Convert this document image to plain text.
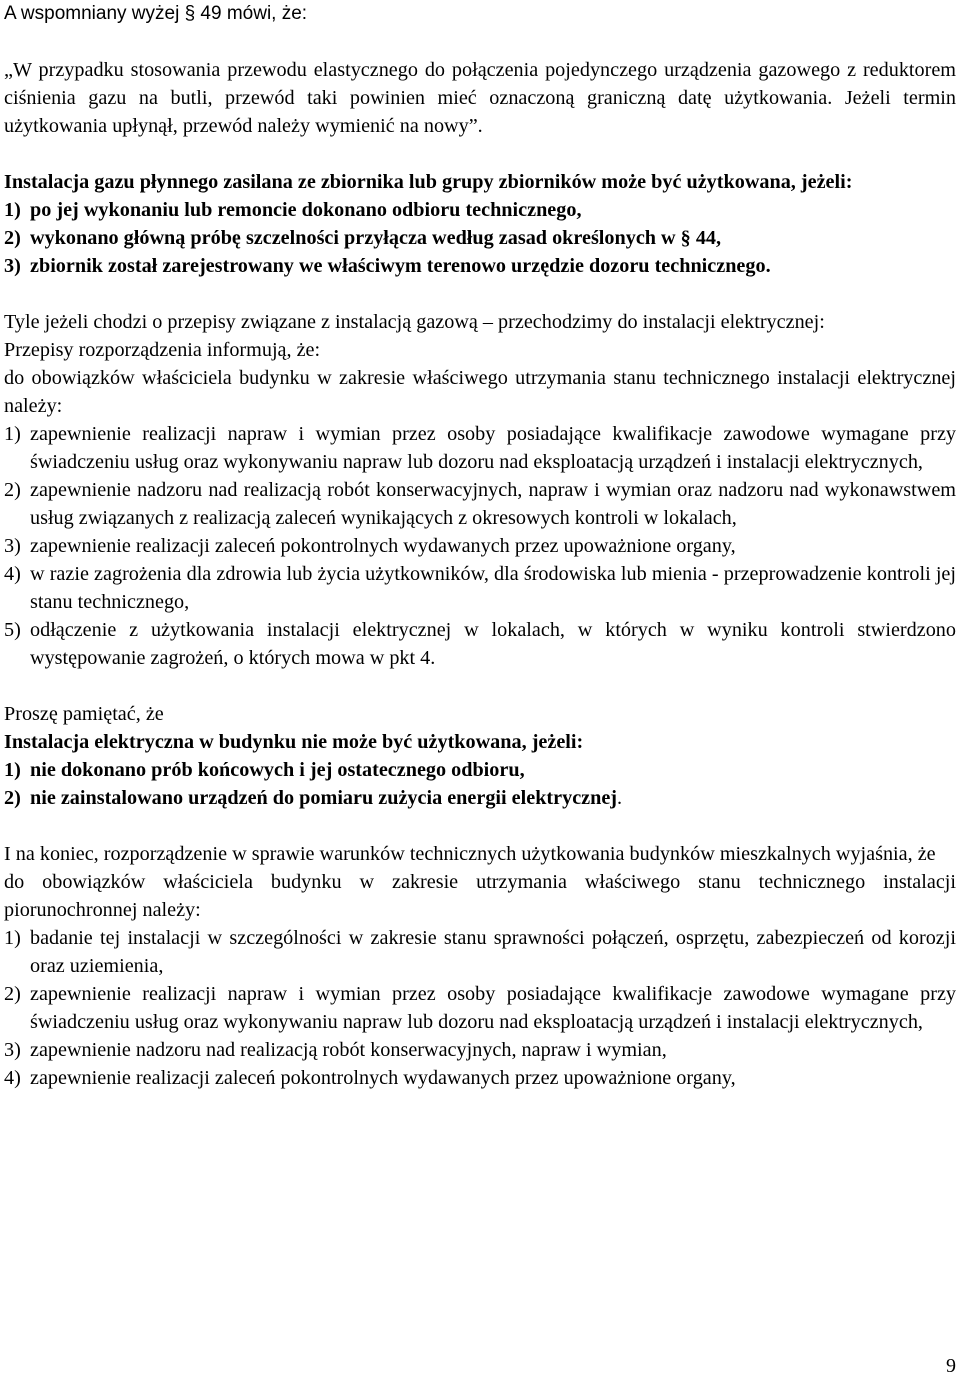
A wspomniany wyżej § 49 mówi, że:

„W przypadku stosowania przewodu elastycznego do połączenia pojedynczego urządzenia gazowego z reduktorem ciśnienia gazu na butli, przewód taki powinien mieć oznaczoną graniczną datę użytkowania. Jeżeli termin użytkowania upłynął, przewód należy wymienić na nowy”.

Instalacja gazu płynnego zasilana ze zbiornika lub grupy zbiorników może być użytkowana, jeżeli:

1) po jej wykonaniu lub remoncie dokonano odbioru technicznego,

2) wykonano główną próbę szczelności przyłącza według zasad określonych w § 44,

3) zbiornik został zarejestrowany we właściwym terenowo urzędzie dozoru technicznego.

Tyle jeżeli chodzi o przepisy związane z instalacją gazową – przechodzimy do instalacji elektrycznej:

Przepisy rozporządzenia informują, że:

do obowiązków właściciela budynku w zakresie właściwego utrzymania stanu technicznego instalacji elektrycznej należy:

1) zapewnienie realizacji napraw i wymian przez osoby posiadające kwalifikacje zawodowe wymagane przy świadczeniu usług oraz wykonywaniu napraw lub dozoru nad eksploatacją urządzeń i instalacji elektrycznych,

2) zapewnienie nadzoru nad realizacją robót konserwacyjnych, napraw i wymian oraz nadzoru nad wykonawstwem usług związanych z realizacją zaleceń wynikających z okresowych kontroli w lokalach,

3) zapewnienie realizacji zaleceń pokontrolnych wydawanych przez upoważnione organy,

4) w razie zagrożenia dla zdrowia lub życia użytkowników, dla środowiska lub mienia - przeprowadzenie kontroli jej stanu technicznego,

5) odłączenie z użytkowania instalacji elektrycznej w lokalach, w których w wyniku kontroli stwierdzono występowanie zagrożeń, o których mowa w pkt 4.

Proszę pamiętać, że

Instalacja elektryczna w budynku nie może być użytkowana, jeżeli:

1) nie dokonano prób końcowych i jej ostatecznego odbioru,

2) nie zainstalowano urządzeń do pomiaru zużycia energii elektrycznej.

I na koniec, rozporządzenie w sprawie warunków technicznych użytkowania budynków mieszkalnych wyjaśnia, że

do obowiązków właściciela budynku w zakresie utrzymania właściwego stanu technicznego instalacji piorunochronnej należy:

1) badanie tej instalacji w szczególności w zakresie stanu sprawności połączeń, osprzętu, zabezpieczeń od korozji oraz uziemienia,

2) zapewnienie realizacji napraw i wymian przez osoby posiadające kwalifikacje zawodowe wymagane przy świadczeniu usług oraz wykonywaniu napraw lub dozoru nad eksploatacją urządzeń i instalacji elektrycznych,

3) zapewnienie nadzoru nad realizacją robót konserwacyjnych, napraw i wymian,

4) zapewnienie realizacji zaleceń pokontrolnych wydawanych przez upoważnione organy,

9
